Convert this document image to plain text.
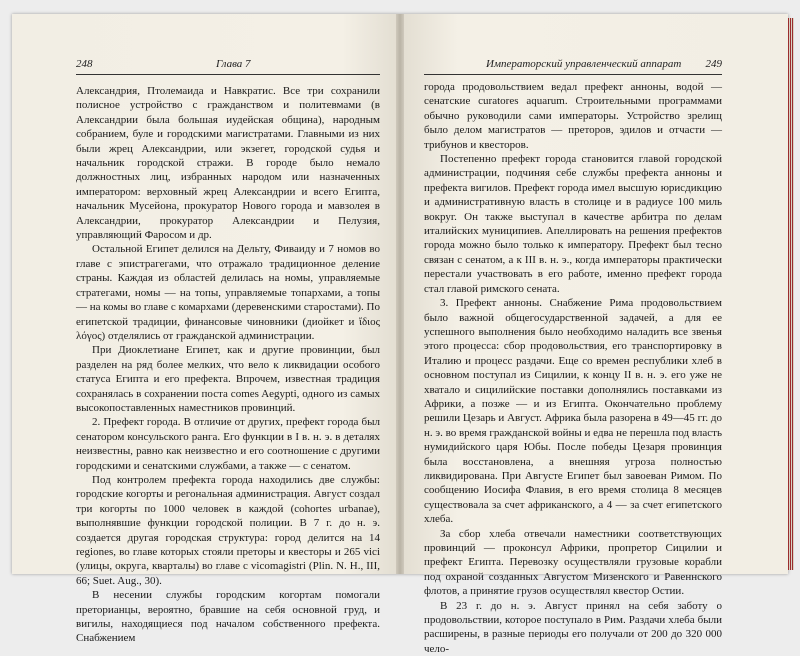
248	Глава 7

Александрия, Птолемаида и Навкратис. Все три сохранили полисное устройство с гражданством и политевмами (в Александрии была большая иудейская община), народным собранием, буле и городскими магистратами. Главными из них были жрец Александрии, или экзегет, городской судья и начальник городской стражи. В городе было немало должностных лиц, избранных народом или назначенных императором: верховный жрец Александрии и всего Египта, начальник Мусейона, прокуратор Нового города и мавзолея в Александрии, прокуратор Александрии и Пелузия, управляющий Фаросом и др.

Остальной Египет делился на Дельту, Фиваиду и 7 номов во главе с эпистрагегами, что отражало традиционное деление страны. Каждая из областей делилась на номы, управляемые стратегами, номы — на топы, управляемые топархами, а топы — на комы во главе с комархами (деревенскими старостами). По египетской традиции, финансовые чиновники (диойкет и ἴδιος λόγος) отделялись от гражданской администрации.

При Диоклетиане Египет, как и другие провинции, был разделен на ряд более мелких, что вело к ликвидации особого статуса Египта и его префекта. Впрочем, известная традиция сохранялась в сохранении поста comes Aegypti, одного из самых высокопоставленных наместников провинций.

2. Префект города. В отличие от других, префект города был сенатором консульского ранга. Его функции в I в. н. э. в деталях неизвестны, равно как неизвестно и его соотношение с другими городскими и сенатскими службами, а также — с сенатом.

Под контролем префекта города находились две службы: городские когорты и регональная администрация. Август создал три когорты по 1000 человек в каждой (cohortes urbanae), выполнявшие функции городской полиции. В 7 г. до н. э. создается другая городская структура: город делится на 14 regiones, во главе которых стояли преторы и квесторы и 265 vici (улицы, округа, кварталы) во главе с vicomagistri (Plin. N. H., III, 66; Suet. Aug., 30).

В несении службы городским когортам помогали преторианцы, вероятно, бравшие на себя основной груд, и вигилы, находящиеся под началом собственного префекта. Снабжением

Императорский управленческий аппарат 249

города продовольствием ведал префект анноны, водой — сенатские curatores aquarum. Строительными программами обычно руководили сами императоры. Устройство зрелищ было делом магистратов — преторов, эдилов и отчасти — трибунов и квесторов.

Постепенно префект города становится главой городской администрации, подчиняя себе службы префекта анноны и префекта вигилов. Префект города имел высшую юрисдикцию и административную власть в столице и в радиусе 100 миль вокруг. Он также выступал в качестве арбитра по делам италийских муниципиев. Апеллировать на решения префектов города можно было только к императору. Префект был тесно связан с сенатом, а к III в. н. э., когда императоры практически перестали участвовать в его работе, именно префект города стал главой римского сената.

3. Префект анноны. Снабжение Рима продовольствием было важной общегосударственной задачей, а для ее успешного выполнения было необходимо наладить все звенья этого процесса: сбор продовольствия, его транспортировку в Италию и процесс раздачи. Еще со времен республики хлеб в основном поступал из Сицилии, к концу II в. н. э. его уже не хватало и сицилийские поставки дополнялись поставками из Африки, а позже — и из Египта. Окончательно проблему решили Цезарь и Август. Африка была разорена в 49—45 гг. до н. э. во время гражданской войны и едва не перешла под власть нумидийского царя Юбы. После победы Цезаря провинция была восстановлена, а внешняя угроза полностью ликвидирована. При Августе Египет был завоеван Римом. По сообщению Иосифа Флавия, в его время столица 8 месяцев существовала за счет африканского, а 4 — за счет египетского хлеба.

За сбор хлеба отвечали наместники соответствующих провинций — проконсул Африки, пропретор Сицилии и префект Египта. Перевозку осуществляли грузовые корабли под охраной созданных Августом Мизенского и Равеннского флотов, а принятие грузов осуществлял квестор Остии.

В 23 г. до н. э. Август принял на себя заботу о продовольствии, которое поступало в Рим. Раздачи хлеба были расширены, в разные периоды его получали от 200 до 320 000 чело-
